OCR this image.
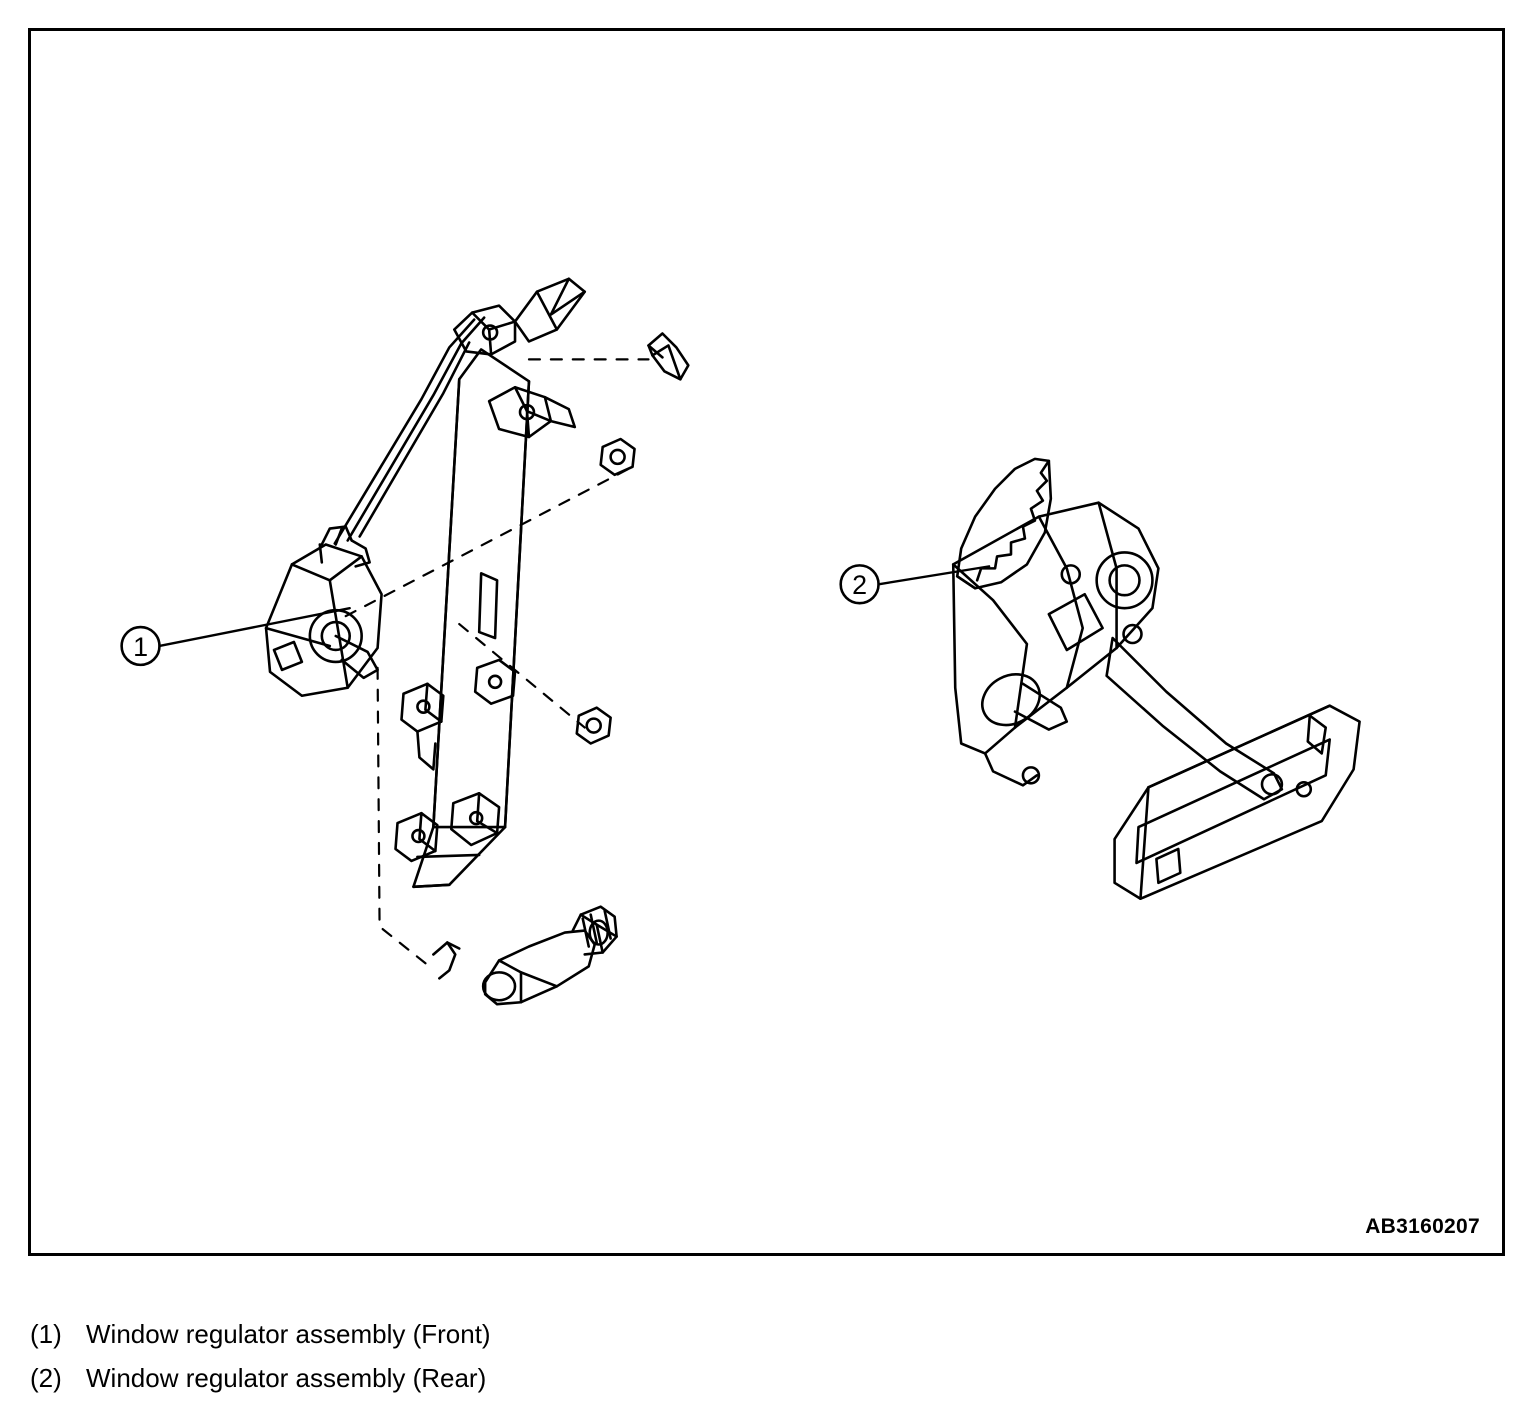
1
2
AB3160207
(1) Window regulator assembly (Front)
(2) Window regulator assembly (Rear)
